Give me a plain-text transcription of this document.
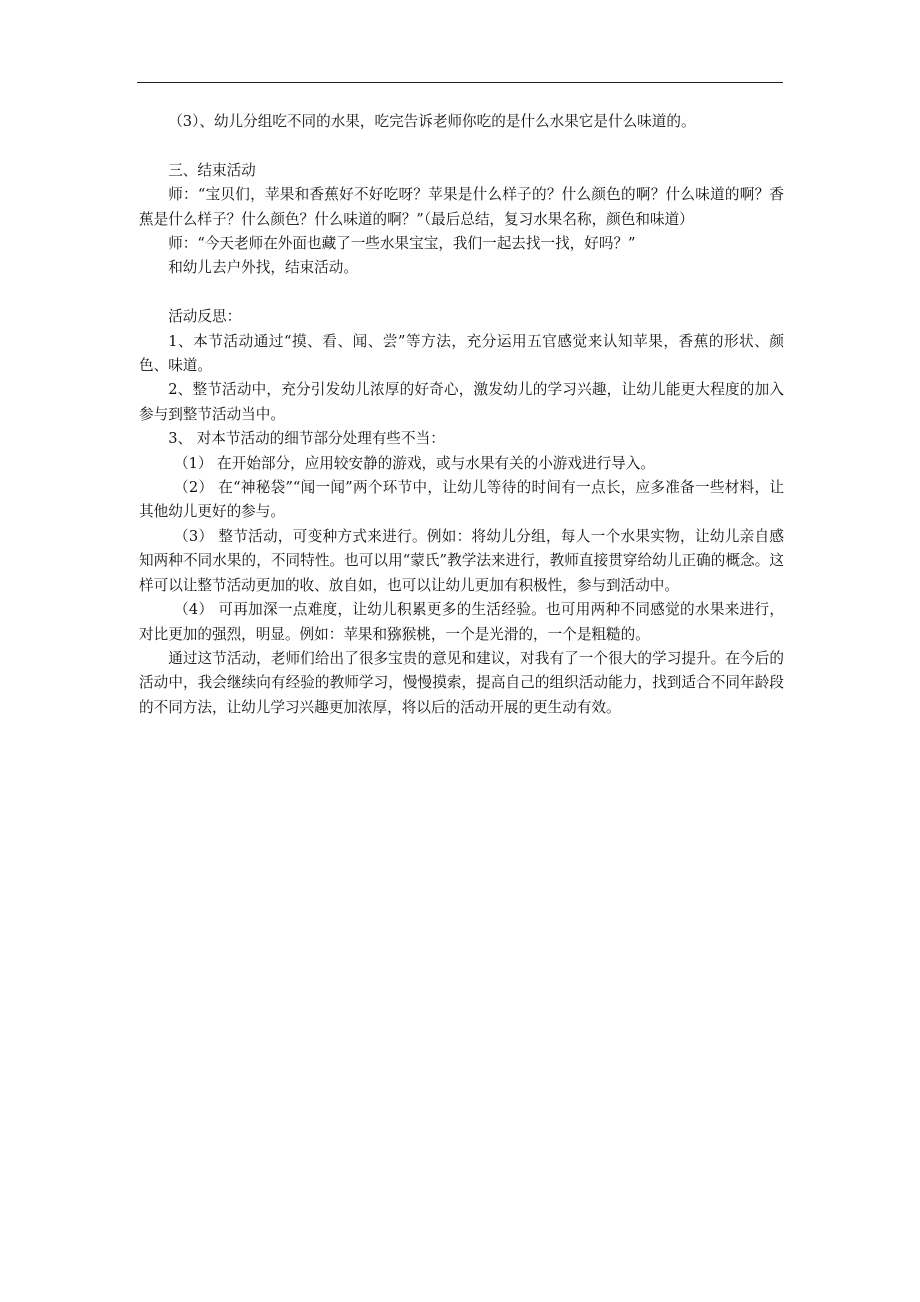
（3）、幼儿分组吃不同的水果，吃完告诉老师你吃的是什么水果它是什么味道的。

三、结束活动

师：“宝贝们，苹果和香蕉好不好吃呀？苹果是什么样子的？什么颜色的啊？什么味道的啊？香蕉是什么样子？什么颜色？什么味道的啊？”（最后总结，复习水果名称，颜色和味道）

师：“今天老师在外面也藏了一些水果宝宝，我们一起去找一找，好吗？”

和幼儿去户外找，结束活动。

活动反思：

1、本节活动通过“摸、看、闻、尝”等方法，充分运用五官感觉来认知苹果，香蕉的形状、颜色、味道。

2、整节活动中，充分引发幼儿浓厚的好奇心，激发幼儿的学习兴趣，让幼儿能更大程度的加入参与到整节活动当中。

3、 对本节活动的细节部分处理有些不当：

（1） 在开始部分，应用较安静的游戏，或与水果有关的小游戏进行导入。

（2） 在“神秘袋”“闻一闻”两个环节中，让幼儿等待的时间有一点长，应多准备一些材料，让其他幼儿更好的参与。

（3） 整节活动，可变种方式来进行。例如：将幼儿分组，每人一个水果实物，让幼儿亲自感知两种不同水果的，不同特性。也可以用“蒙氏”教学法来进行，教师直接贯穿给幼儿正确的概念。这样可以让整节活动更加的收、放自如，也可以让幼儿更加有积极性，参与到活动中。

（4） 可再加深一点难度，让幼儿积累更多的生活经验。也可用两种不同感觉的水果来进行，对比更加的强烈，明显。例如：苹果和猕猴桃，一个是光滑的，一个是粗糙的。

通过这节活动，老师们给出了很多宝贵的意见和建议，对我有了一个很大的学习提升。在今后的活动中，我会继续向有经验的教师学习，慢慢摸索，提高自己的组织活动能力，找到适合不同年龄段的不同方法，让幼儿学习兴趣更加浓厚，将以后的活动开展的更生动有效。
